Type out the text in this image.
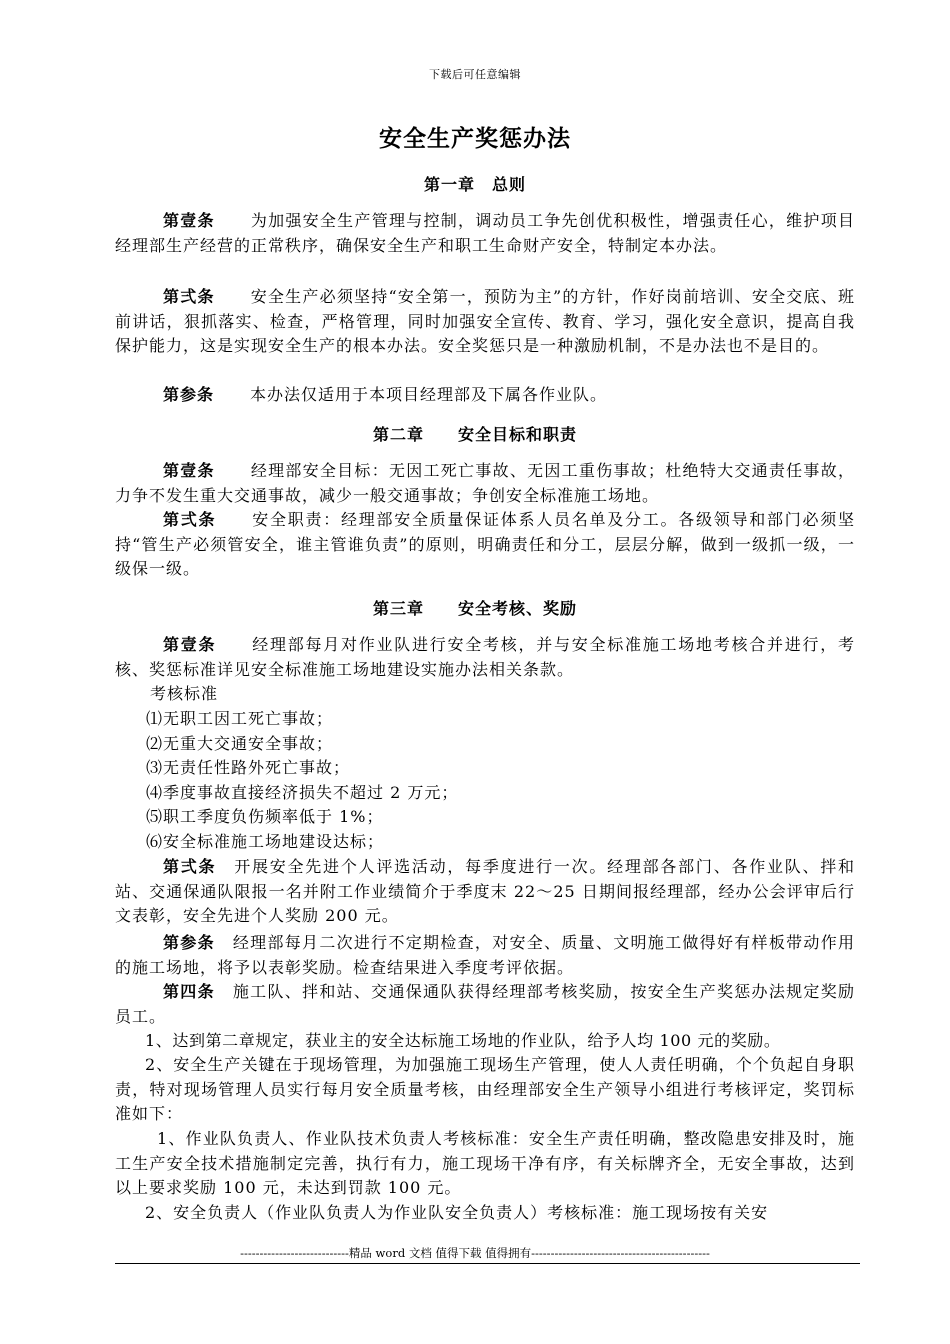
下载后可任意编辑
安全生产奖惩办法
第一章　总则
第壹条 为加强安全生产管理与控制，调动员工争先创优积极性，增强责任心，维护项目经理部生产经营的正常秩序，确保安全生产和职工生命财产安全，特制定本办法。
第弍条 安全生产必须坚持“安全第一，预防为主”的方针，作好岗前培训、安全交底、班前讲话，狠抓落实、检查，严格管理，同时加强安全宣传、教育、学习，强化安全意识，提高自我保护能力，这是实现安全生产的根本办法。安全奖惩只是一种激励机制，不是办法也不是目的。
第参条 本办法仅适用于本项目经理部及下属各作业队。
第二章　　安全目标和职责
第壹条 经理部安全目标：无因工死亡事故、无因工重伤事故；杜绝特大交通责任事故，力争不发生重大交通事故，减少一般交通事故；争创安全标准施工场地。
第弍条 安全职责：经理部安全质量保证体系人员名单及分工。各级领导和部门必须坚持“管生产必须管安全，谁主管谁负责”的原则，明确责任和分工，层层分解，做到一级抓一级，一级保一级。
第三章　　安全考核、奖励
第壹条 经理部每月对作业队进行安全考核，并与安全标准施工场地考核合并进行，考核、奖惩标准详见安全标准施工场地建设实施办法相关条款。
考核标准
⑴无职工因工死亡事故；
⑵无重大交通安全事故；
⑶无责任性路外死亡事故；
⑷季度事故直接经济损失不超过 2 万元；
⑸职工季度负伤频率低于 1%；
⑹安全标准施工场地建设达标；
第弍条 开展安全先进个人评选活动，每季度进行一次。经理部各部门、各作业队、拌和站、交通保通队限报一名并附工作业绩简介于季度末 22～25 日期间报经理部，经办公会评审后行文表彰，安全先进个人奖励 200 元。
第参条 经理部每月二次进行不定期检查，对安全、质量、文明施工做得好有样板带动作用的施工场地，将予以表彰奖励。检查结果进入季度考评依据。
第四条 施工队、拌和站、交通保通队获得经理部考核奖励，按安全生产奖惩办法规定奖励员工。
1、达到第二章规定，获业主的安全达标施工场地的作业队，给予人均 100 元的奖励。
2、安全生产关键在于现场管理，为加强施工现场生产管理，使人人责任明确，个个负起自身职责，特对现场管理人员实行每月安全质量考核，由经理部安全生产领导小组进行考核评定，奖罚标准如下：
1、作业队负责人、作业队技术负责人考核标准：安全生产责任明确，整改隐患安排及时，施工生产安全技术措施制定完善，执行有力，施工现场干净有序，有关标牌齐全，无安全事故，达到以上要求奖励 100 元，未达到罚款 100 元。
2、安全负责人（作业队负责人为作业队安全负责人）考核标准：施工现场按有关安
----------------------------精品 word 文档 值得下载 值得拥有----------------------------------------------
